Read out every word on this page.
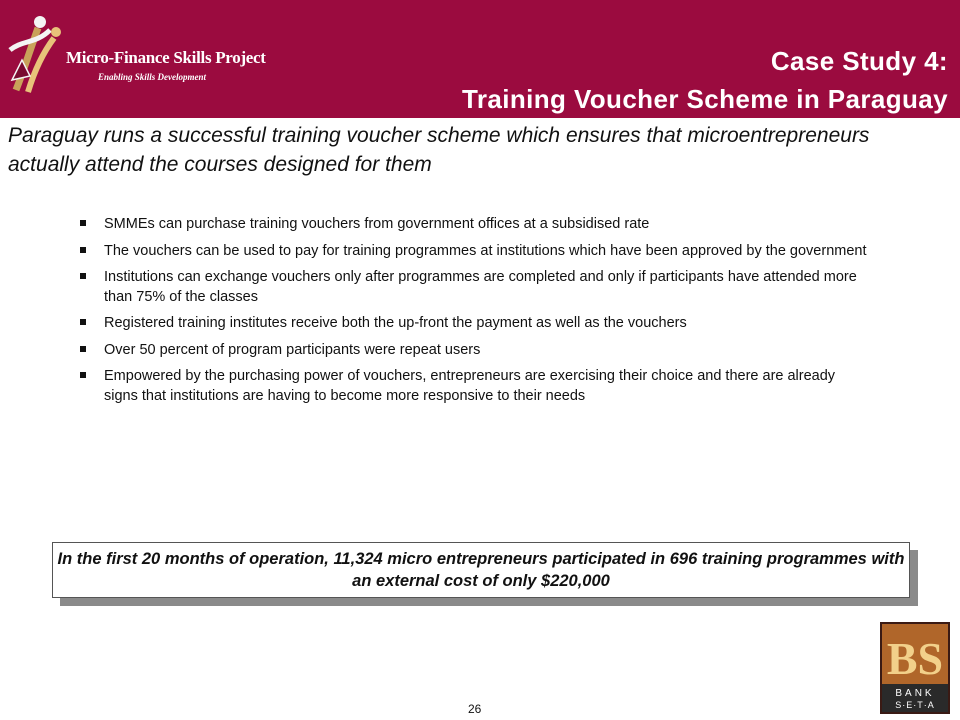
Micro-Finance Skills Project
Enabling Skills Development
Case Study 4:
Training Voucher Scheme in Paraguay
Paraguay runs a successful training voucher scheme which ensures that microentrepreneurs actually attend the courses designed for them
SMMEs can purchase training vouchers from government offices at a subsidised rate
The vouchers can be used to pay for training programmes at institutions which have been approved by the government
Institutions can exchange vouchers only after programmes are completed and only if participants have attended more than 75% of the classes
Registered training institutes receive both the up-front the payment as well as the vouchers
Over 50 percent of program participants were repeat users
Empowered by the purchasing power of vouchers, entrepreneurs are exercising their choice and there are already signs that institutions are having to become more responsive to their needs
In the first 20 months of operation, 11,324 micro entrepreneurs participated in 696 training programmes with an external cost of only $220,000
BS
BANK
S·E·T·A
26
